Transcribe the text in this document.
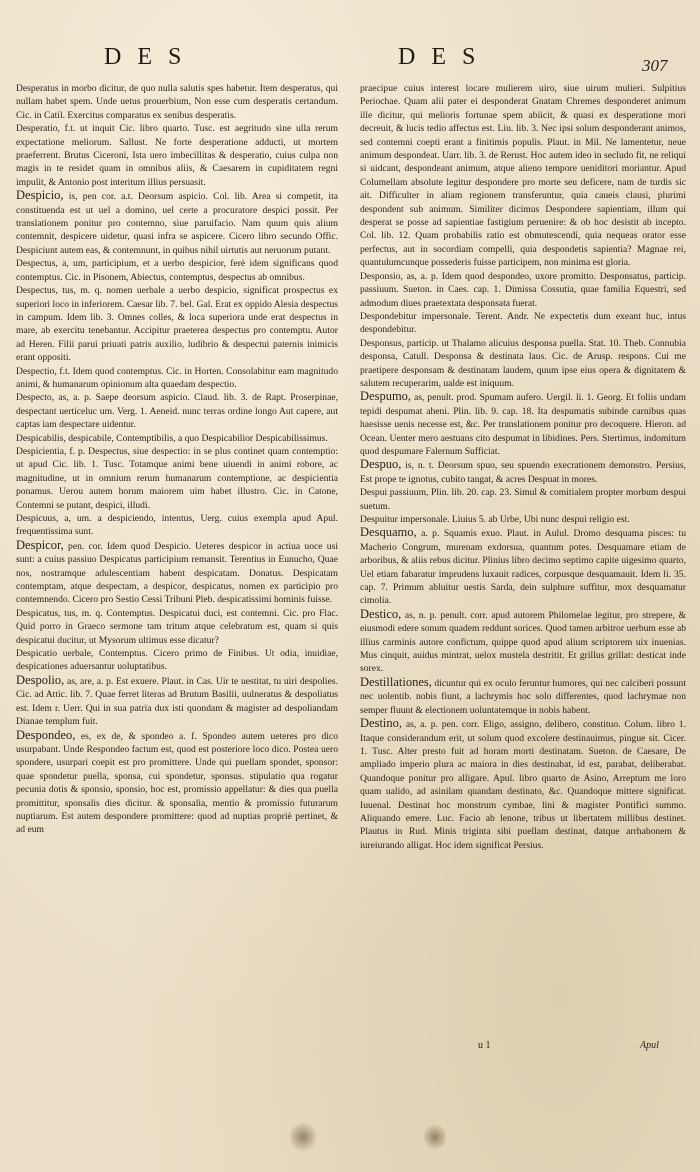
DES	DES	307

Desperatus in morbo dicitur, de quo nulla salutis spes habetur. Item desperatus, qui nullam habet spem. Unde uetus prouerbium, Non esse cum desperatis certandum. Cic. in Catil. Exercitus comparatus ex senibus desperatis.

Desperatio, f.t. ut inquit Cic. libro quarto. Tusc. est aegritudo sine ulla rerum expectatione meliorum. Sallust. Ne forte desperatione adducti, ut mortem praeferrent. Brutus Ciceroni, Ista uero imbecillitas & desperatio, cuius culpa non magis in te residet quam in omnibus aliis, & Caesarem in cupiditatem regni impulit, & Antonio post interitum illius persuasit.

Despicio, is, pen cor. a.t. Deorsum aspicio. Col. lib. Area si competit, ita constituenda est ut uel a domino, uel certe a procuratore despici possit. Per translationem ponitur pro contemno, siue paruifacio. Nam quum quis alium contemnit, despicere uidetur, quasi infra se aspicere. Cicero libro secundo Offic. Despiciunt autem eas, & contemnunt, in quibus nihil uirtutis aut neruorum putant.

Despectus, a, um, participium, et a uerbo despicior, ferè idem significans quod contemptus. Cic. in Pisonem, Abiectus, contemptus, despectus ab omnibus.

Despectus, tus, m. q. nomen uerbale a uerbo despicio, significat prospectus ex superiori loco in inferiorem. Caesar lib. 7. bel. Gal. Erat ex oppido Alesia despectus in campum. Idem lib. 3. Omnes colles, & loca superiora unde erat despectus in mare, ab exercitu tenebantur. Accipitur praeterea despectus pro contemptu. Autor ad Heren. Filii parui priuati patris auxilio, ludibrio & despectui paternis inimicis erant oppositi.

Despectio, f.t. Idem quod contemptus. Cic. in Horten. Consolabitur eam magnitudo animi, & humanarum opinionum alta quaedam despectio.

Despecto, as, a. p. Saepe deorsum aspicio. Claud. lib. 3. de Rapt. Proserpinae, despectant uerticeluc um. Verg. 1. Aeneid. nunc terras ordine longo Aut capere, aut captas iam despectare uidentur.

Despicabilis, despicabile, Contemptibilis, a quo Despicabilior Despicabilissimus.

Despicientia, f. p. Despectus, siue despectio: in se plus continet quam contemptio: ut apud Cic. lib. 1. Tusc. Totamque animi bene uiuendi in animi robore, ac magnitudine, ut in omnium rerum humanarum contemptione, ac despicientia ponamus. Uerou autem horum maiorem uim habet illustro. Cic. in Catone, Contemni se putant, despici, illudi.

Despicuus, a, um. a despiciendo, intentus, Uerg. cuius exempla apud Apul. frequentissima sunt.

Despicor, pen. cor. Idem quod Despicio. Ueteres despicor in actiua uoce usi sunt: a cuius passiuo Despicatus participium remansit. Terentius in Eunucho, Quae nos, nostramque adulescentiam habent despicatam. Donatus. Despicatam contemptam, atque despectam, a despicor, despicatus, nomen ex participio pro contemnendo. Cicero pro Sestio Cessi Tribuni Pleb. despicatissimi hominis fuisse.

Despicatus, tus, m. q. Contemptus. Despicatui duci, est contemni. Cic. pro Flac. Quid porro in Graeco sermone tam tritum atque celebratum est, quam si quis despicatui ducitur, ut Mysorum ultimus esse dicatur?

Despicatio uerbale, Contemptus. Cicero primo de Finibus. Ut odia, inuidiae, despicationes aduersantur uoluptatibus.

Despolio, as, are, a. p. Est exuere. Plaut. in Cas. Uir te uestitat, tu uiri despolies. Cic. ad Attic. lib. 7. Quae ferret literas ad Brutum Basilii, uulneratus & despoliatus est. Idem r. Uerr. Qui in sua patria dux isti quondam & magister ad despoliandam Dianae templum fuit.

Despondeo, es, ex de, & spondeo a. f. Spondeo autem ueteres pro dico usurpabant. Unde Respondeo factum est, quod est posteriore loco dico. Postea uero spondere, usurpari coepit est pro promittere. Unde qui puellam spondet, sponsor: quae spondetur puella, sponsa, cui spondetur, sponsus. stipulatio qua rogatur pecunia dotis & sponsio, sponsio, hoc est, promissio appellatur: & dies qua puella promittitur, sponsalis dies dicitur. & sponsalia, mentio & promissio futurarum nuptiarum. Est autem despondere promittere: quod ad nuptias propriè pertinet, & ad eum

praecipue cuius interest locare mulierem uiro, siue uirum mulieri. Sulpitius Periochae. Quam alii pater ei desponderat Gnatam Chremes desponderet animum ille dicitur, qui melioris fortunae spem abiicit, & quasi ex desperatione mori decreuit, & lucis tedio affectus est. Liu. lib. 3. Nec ipsi solum desponderant animos, sed contemni coepti erant a finitimis populis. Plaut. in Mil. Ne lamentetur, neue animum despondeat. Uarr. lib. 3. de Rerust. Hoc autem ideo in secludo fit, ne reliqui si uidcant, despondeant animum, atque alieno tempore ueniditori moriantur. Apud Columellam absolute legitur despondere pro morte seu deficere, nam de turdis sic ait. Difficulter in aliam regionem transferuntur, quia caueis clausi, plurimi despondent sub animum. Similiter dicimus Despondere sapientiam, illum qui desperat se posse ad sapientiae fastigium peruenire: & ob hoc desistit ab incepto. Col. lib. 12. Quam probabilis ratio est obmutescendi, quia nequeas orator esse perfectus, aut in socordiam compelli, quia despondetis sapientia? Magnae rei, quantulumcunque possederis fuisse participem, non minima est gloria.

Desponsio, as, a. p. Idem quod despondeo, uxore promitto. Desponsatus, particip. passiuum. Sueton. in Caes. cap. 1. Dimissa Cossutia, quae familia Equestri, sed admodum diues praetextata desponsata fuerat.

Despondebitur impersonale. Terent. Andr. Ne expectetis dum exeant huc, intus despondebitur.

Desponsus, particip. ut Thalamo alicuius desponsa puella. Stat. 10. Theb. Connubia desponsa, Catull. Desponsa & destinata laus. Cic. de Arusp. respons. Cui me praetipere desponsam & destinatam laudem, quum ipse eius opera & dignitatem & salutem recuperarim, ualde est iniquum.

Despumo, as, penult. prod. Spumam aufero. Uergil. li. 1. Georg. Et foliis undam tepidi despumat aheni. Plin. lib. 9. cap. 18. Ita despumatis subinde carnibus quas haesisse uenis necesse est, &c. Per translationem ponitur pro decoquere. Hieron. ad Ocean. Uenter mero aestuans cito despumat in libidines. Pers. Stertimus, indomitum quod despumare Falernum Sufficiat.

Despuo, is, n. t. Deorsum spuo, seu spuendo execrationem demonstro. Persius, Est prope te ignotus, cubito tangat, & acres Despuat in mores.

Despui passiuum, Plin. lib. 20. cap. 23. Simul & comitialem propter morbum despui suetum.

Despuitur impersonale. Liuius 5. ab Urbe, Ubi nunc despui religio est.

Desquamo, a. p. Squamis exuo. Plaut. in Aulul. Dromo desquama pisces: tu Macherio Congrum, murenam exdorsua, quantum potes. Desquamare etiam de arboribus, & aliis rebus dicitur. Plinius libro decimo septimo capite uigesimo quarto, Uel etiam fabaratur imprudens luxauit radices, corpusque desquamauit. Idem li. 35. cap. 7. Primum abluitur uestis Sarda, dein sulphure suffitur, mox desquamatur cimolia.

Destico, as, n. p. penult. corr. apud autorem Philomelae legitur, pro strepere, & eiusmodi edere sonum quadem reddunt sorices. Quod tamen arbitror uerbum esse ab illius carminis autore confictum, quippe quod apud alium scriptorem uix inuenias. Mus cinquit, auidus mintrat, uelox mustela destritit. Et grillus grillat: desticat inde sorex.

Destillationes, dicuntur qui ex oculo feruntur humores, qui nec calciberi possunt nec uolentib. nobis fiunt, a lachrymis hoc solo differentes, quod lachrymae non semper fluunt & electionem uoluntatemque in nobis habent.

Destino, as, a. p. pen. corr. Eligo, assigno, delibero, constituo. Colum. libro 1. Itaque considerandum erit, ut solum quod excolere destinauimus, pingue sit. Cicer. 1. Tusc. Alter presto fuit ad horam morti destinatam. Sueton. de Caesare, De ampliado imperio plura ac maiora in dies destinabat, id est, parabat, deliberabat. Quandoque ponitur pro alligare. Apul. libro quarto de Asino, Arreptum me loro quam ualido, ad asinilam quandam destinato, &c. Quandoque mittere significat. Iuuenal. Destinat hoc monstrum cymbae, lini & magister Pontifici summo. Aliquando emere. Luc. Facio ab lenone, tribus ut libertatem millibus destinet. Plautus in Rud. Minis triginta sibi puellam destinat, datque arrhabonem & iureiurando alligat. Hoc idem significat Persius.

u 1	Apul
